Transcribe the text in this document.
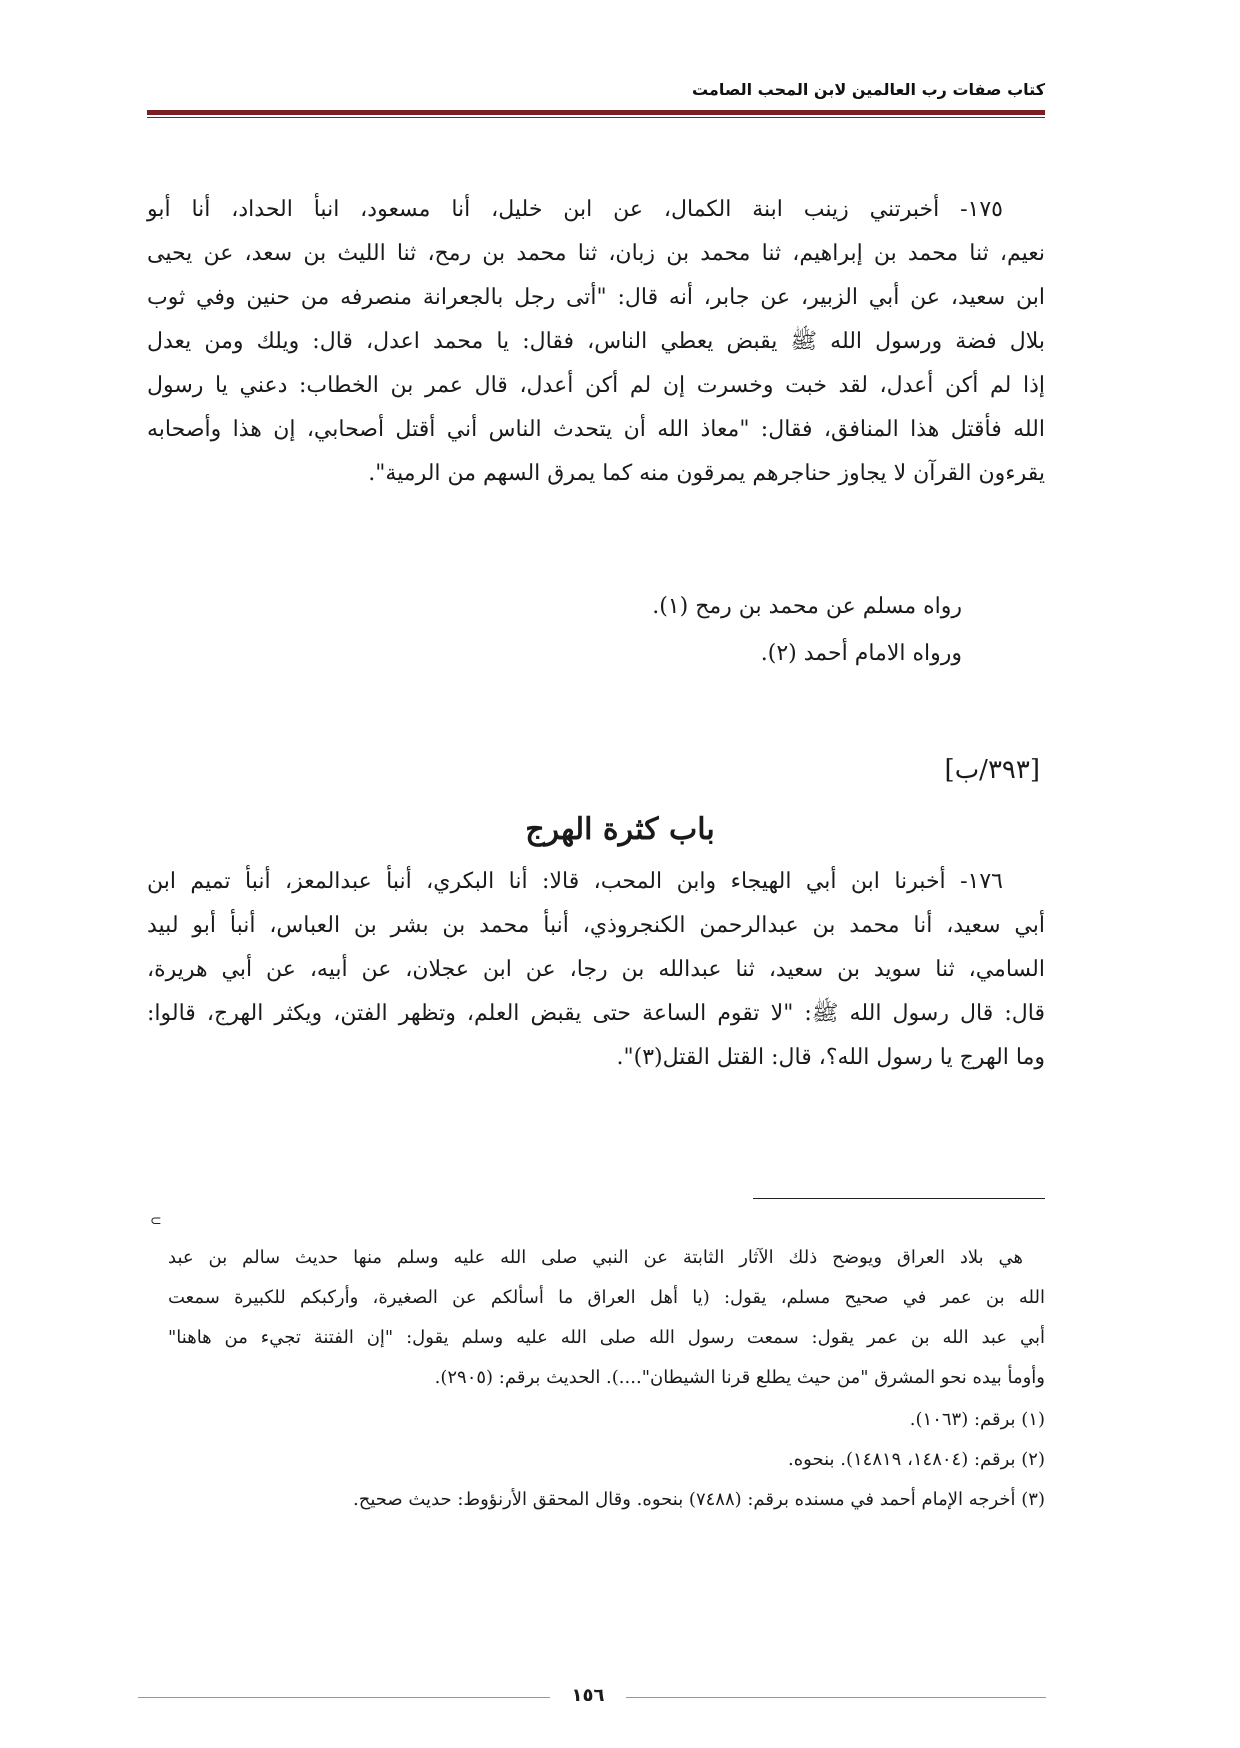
كتاب صفات رب العالمين لابن المحب الصامت
١٧٥- أخبرتني زينب ابنة الكمال، عن ابن خليل، أنا مسعود، انبأ الحداد، أنا أبو
نعيم، ثنا محمد بن إبراهيم، ثنا محمد بن زبان، ثنا محمد بن رمح، ثنا الليث بن سعد، عن يحيى
ابن سعيد، عن أبي الزبير، عن جابر، أنه قال: "أتى رجل بالجعرانة منصرفه من حنين وفي ثوب
بلال فضة ورسول الله ﷺ يقبض يعطي الناس، فقال: يا محمد اعدل، قال: ويلك ومن يعدل
إذا لم أكن أعدل، لقد خبت وخسرت إن لم أكن أعدل، قال عمر بن الخطاب: دعني يا رسول
الله فأقتل هذا المنافق، فقال: "معاذ الله أن يتحدث الناس أني أقتل أصحابي، إن هذا وأصحابه
يقرءون القرآن لا يجاوز حناجرهم يمرقون منه كما يمرق السهم من الرمية".
رواه مسلم عن محمد بن رمح (١).
ورواه الامام أحمد (٢).
[٣٩٣/ب]
باب كثرة الهرج
١٧٦- أخبرنا ابن أبي الهيجاء وابن المحب، قالا: أنا البكري، أنبأ عبدالمعز، أنبأ تميم ابن
أبي سعيد، أنا محمد بن عبدالرحمن الكنجروذي، أنبأ محمد بن بشر بن العباس، أنبأ أبو لبيد
السامي، ثنا سويد بن سعيد، ثنا عبدالله بن رجا، عن ابن عجلان، عن أبيه، عن أبي هريرة،
قال: قال رسول الله ﷺ: "لا تقوم الساعة حتى يقبض العلم، وتظهر الفتن، ويكثر الهرج، قالوا:
وما الهرج يا رسول الله؟، قال: القتل القتل(٣)".
⊃
هي بلاد العراق ويوضح ذلك الآثار الثابتة عن النبي صلى الله عليه وسلم منها حديث سالم بن عبد
الله بن عمر في صحيح مسلم، يقول: (يا أهل العراق ما أسألكم عن الصغيرة، وأركبكم للكبيرة سمعت
أبي عبد الله بن عمر يقول: سمعت رسول الله صلى الله عليه وسلم يقول: "إن الفتنة تجيء من هاهنا"
وأومأ بيده نحو المشرق "من حيث يطلع قرنا الشيطان"....). الحديث برقم: (٢٩٠٥).
(١) برقم: (١٠٦٣).
(٢) برقم: (١٤٨٠٤، ١٤٨١٩). بنحوه.
(٣) أخرجه الإمام أحمد في مسنده برقم: (٧٤٨٨) بنحوه. وقال المحقق الأرنؤوط: حديث صحيح.
١٥٦
